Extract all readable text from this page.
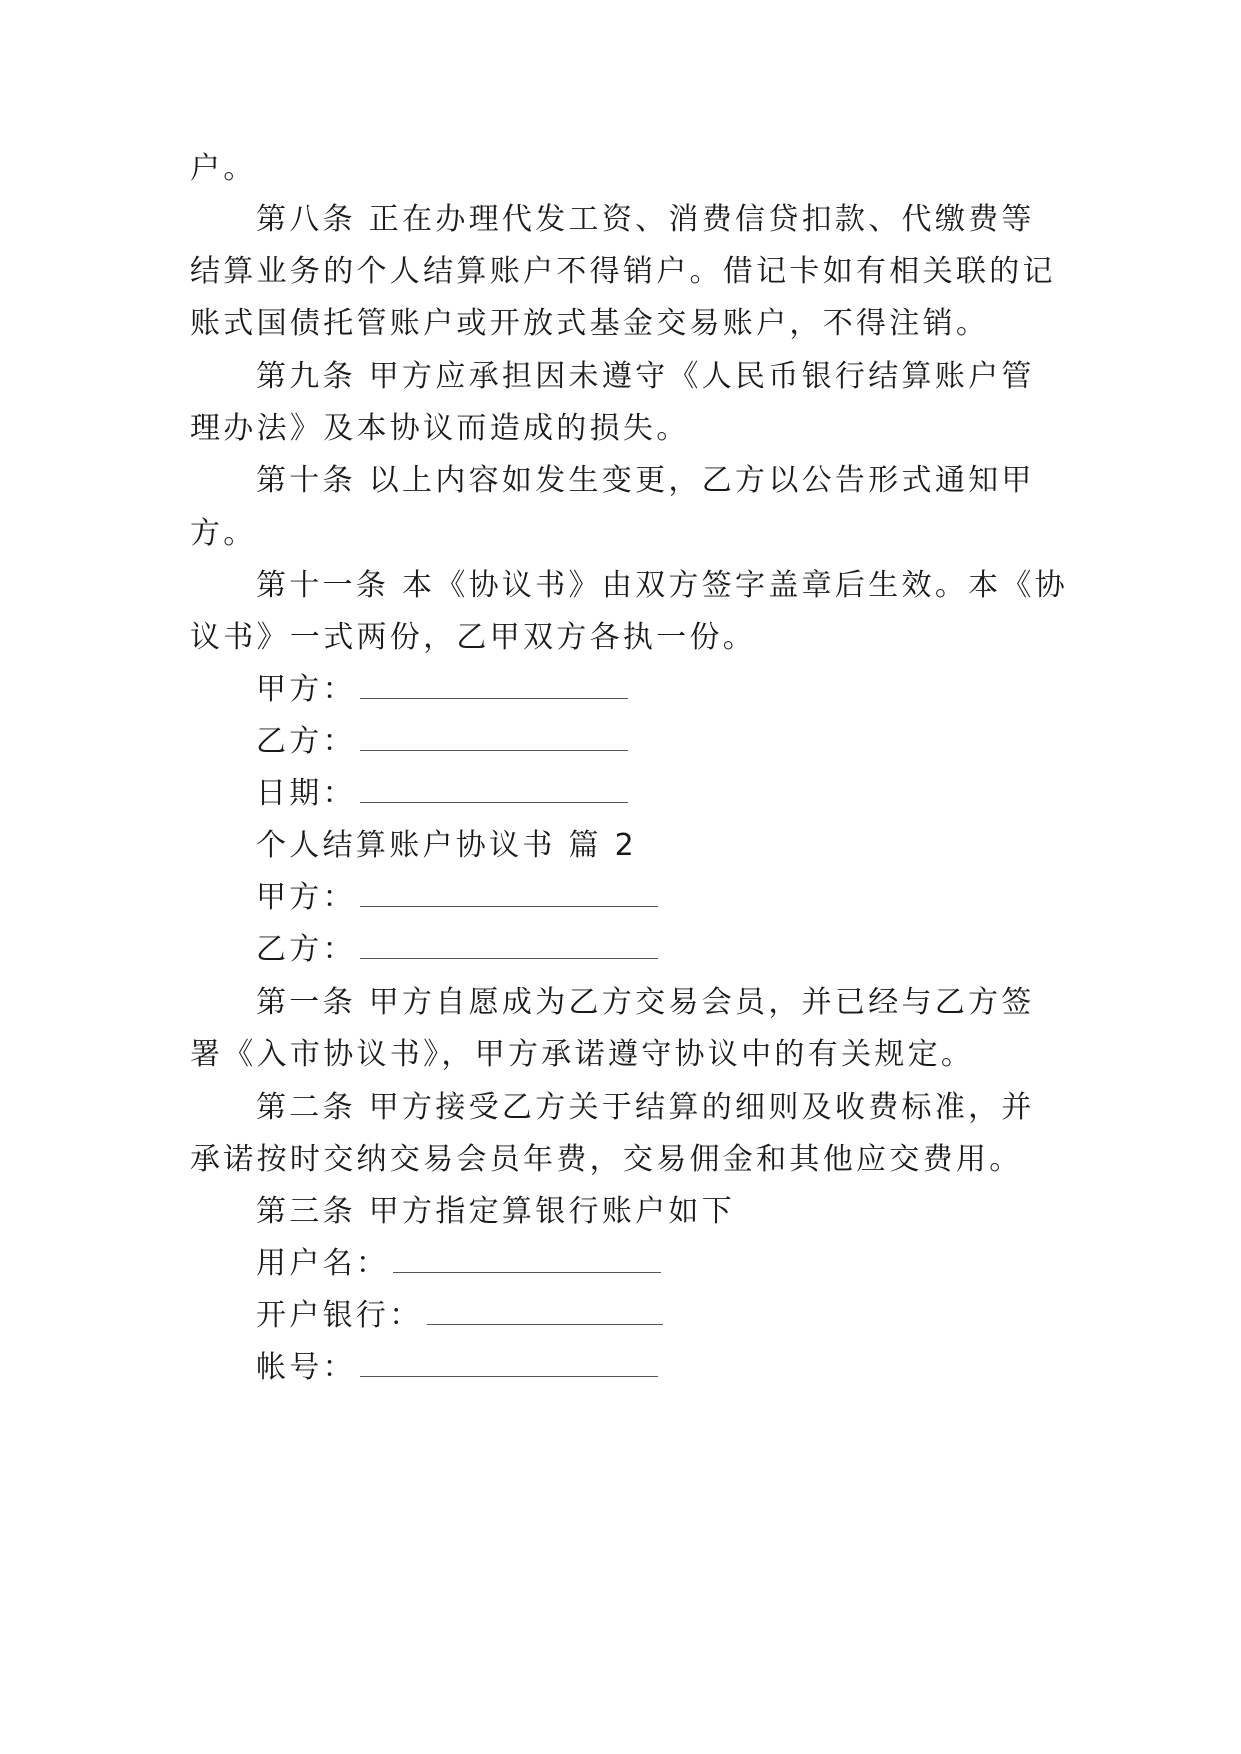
户。
第八条 正在办理代发工资、消费信贷扣款、代缴费等
结算业务的个人结算账户不得销户。借记卡如有相关联的记
账式国债托管账户或开放式基金交易账户，不得注销。
第九条 甲方应承担因未遵守《人民币银行结算账户管
理办法》及本协议而造成的损失。
第十条 以上内容如发生变更，乙方以公告形式通知甲
方。
第十一条 本《协议书》由双方签字盖章后生效。本《协
议书》一式两份，乙甲双方各执一份。
甲方：
乙方：
日期：
个人结算账户协议书 篇 2
甲方：
乙方：
第一条 甲方自愿成为乙方交易会员，并已经与乙方签
署《入市协议书》，甲方承诺遵守协议中的有关规定。
第二条 甲方接受乙方关于结算的细则及收费标准，并
承诺按时交纳交易会员年费，交易佣金和其他应交费用。
第三条 甲方指定算银行账户如下
用户名：
开户银行：
帐号：
